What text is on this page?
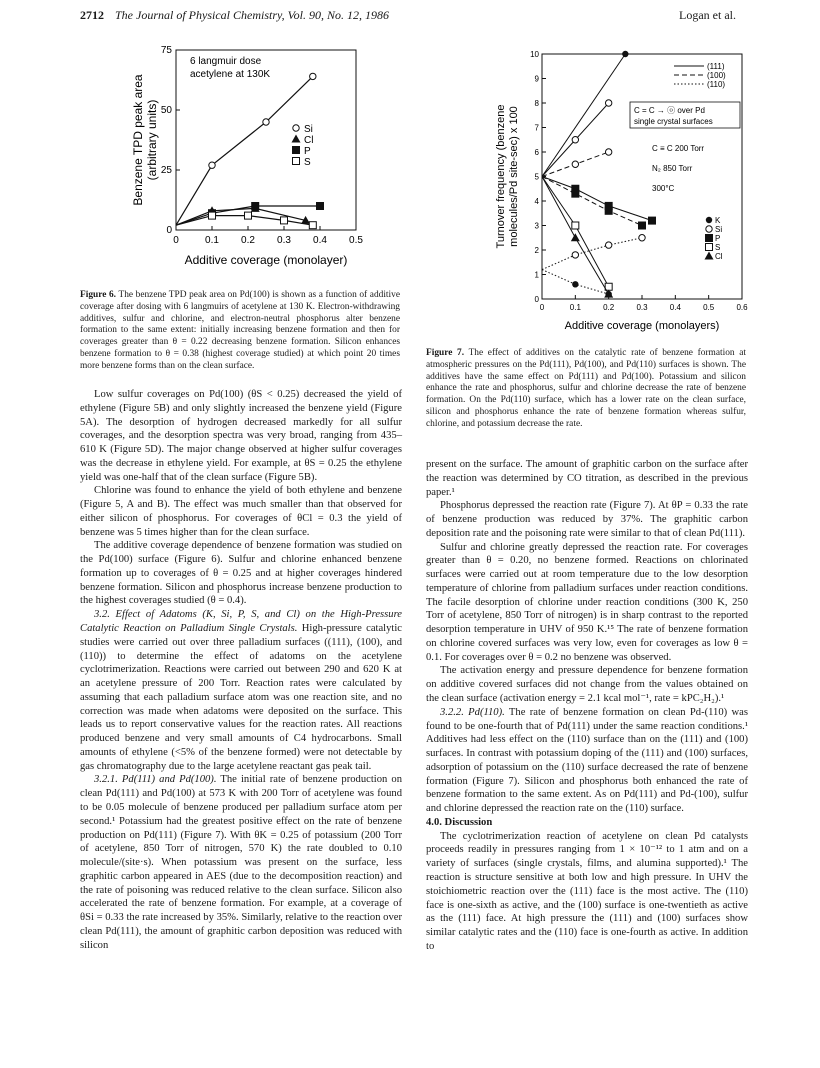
2712 The Journal of Physical Chemistry, Vol. 90, No. 12, 1986	Logan et al.
0	0.1 0.2 0.3 0.4 0.5
0
25
50
75
Benzene TPD peak area(arbitrary units)
Additive coverage (monolayer)
6 langmuir dose
acetylene at 130K
Si
Cl
P
S
0	0.1	0.2	0.3	0.4	0.5	0.6
0
1
2
3
4
5
6
7
8
9
10
Turnover frequency (benzenemolecules/Pd site-sec) x 100
Additive coverage (monolayers)
(111)
(100)
(110)
C = C → ⓞ over Pd
single crystal surfaces
C ≡ C 200 Torr
N₂ 850 Torr
300°C
K
Si
P
S
Cl
Figure 6. The benzene TPD peak area on Pd(100) is shown as a function of additive coverage after dosing with 6 langmuirs of acetylene at 130 K. Electron-withdrawing additives, sulfur and chlorine, and electron-neutral phosphorus alter benzene formation to the same extent: initially increasing benzene formation and then for coverages greater than θ = 0.22 decreasing benzene formation. Silicon enhances benzene formation to θ = 0.38 (highest coverage studied) at which point 20 times more benzene forms than on the clean surface.
Figure 7. The effect of additives on the catalytic rate of benzene formation at atmospheric pressures on the Pd(111), Pd(100), and Pd(110) surfaces is shown. The additives have the same effect on Pd(111) and Pd(100). Potassium and silicon enhance the rate and phosphorus, sulfur and chlorine decrease the rate of benzene formation. On the Pd(110) surface, which has a lower rate on the clean surface, silicon and phosphorus enhance the rate of benzene formation whereas sulfur, chlorine, and potassium decrease the rate.

Low sulfur coverages on Pd(100) (θS < 0.25) decreased the yield of ethylene (Figure 5B) and only slightly increased the benzene yield (Figure 5A). The desorption of hydrogen decreased markedly for all sulfur coverages, and the desorption spectra was very broad, ranging from 435–610 K (Figure 5D). The major change observed at higher sulfur coverages was the decrease in ethylene yield. For example, at θS = 0.25 the ethylene yield was one-half that of the clean surface (Figure 5B).

Chlorine was found to enhance the yield of both ethylene and benzene (Figure 5, A and B). The effect was much smaller than that observed for either silicon of phosphorus. For coverages of θCl = 0.3 the yield of benzene was 5 times higher than for the clean surface.

The additive coverage dependence of benzene formation was studied on the Pd(100) surface (Figure 6). Sulfur and chlorine enhanced benzene formation up to coverages of θ = 0.25 and at higher coverages hindered benzene formation. Silicon and phosphorus increase benzene production to the highest coverages studied (θ = 0.4).

3.2. Effect of Adatoms (K, Si, P, S, and Cl) on the High-Pressure Catalytic Reaction on Palladium Single Crystals. High-pressure catalytic studies were carried out over three palladium surfaces ((111), (100), and (110)) to determine the effect of adatoms on the acetylene cyclotrimerization. Reactions were carried out between 290 and 620 K at an acetylene pressure of 200 Torr. Reaction rates were calculated by assuming that each palladium surface atom was one reaction site, and no correction was made when adatoms were deposited on the surface. This leads us to report conservative values for the reaction rates. All reactions produced benzene and very small amounts of C4 hydrocarbons. Small amounts of ethylene (<5% of the benzene formed) were not detectable by gas chromatography due to the large acetylene reactant gas peak tail.

3.2.1. Pd(111) and Pd(100). The initial rate of benzene production on clean Pd(111) and Pd(100) at 573 K with 200 Torr of acetylene was found to be 0.05 molecule of benzene produced per palladium surface atom per second.¹ Potassium had the greatest positive effect on the rate of benzene production on Pd(111) (Figure 7). With θK = 0.25 of potassium (200 Torr of acetylene, 850 Torr of nitrogen, 570 K) the rate doubled to 0.10 molecule/(site·s). When potassium was present on the surface, less graphitic carbon appeared in AES (due to the decomposition reaction) and the rate of poisoning was reduced relative to the clean surface. Silicon also accelerated the rate of benzene formation. For example, at a coverage of θSi = 0.33 the rate increased by 35%. Similarly, relative to the reaction over clean Pd(111), the amount of graphitic carbon deposition was reduced with silicon

present on the surface. The amount of graphitic carbon on the surface after the reaction was determined by CO titration, as described in the previous paper.¹

Phosphorus depressed the reaction rate (Figure 7). At θP = 0.33 the rate of benzene production was reduced by 37%. The graphitic carbon deposition rate and the poisoning rate were similar to that of clean Pd(111).

Sulfur and chlorine greatly depressed the reaction rate. For coverages greater than θ = 0.20, no benzene formed. Reactions on chlorinated surfaces were carried out at room temperature due to the low desorption temperature of chlorine from palladium surfaces under reaction conditions. The facile desorption of chlorine under reaction conditions (300 K, 250 Torr of acetylene, 850 Torr of nitrogen) is in sharp contrast to the reported desorption temperature in UHV of 950 K.¹⁵ The rate of benzene formation on chlorine covered surfaces was very low, even for coverages as low θ = 0.1. For coverages over θ = 0.2 no benzene was observed.

The activation energy and pressure dependence for benzene formation on additive covered surfaces did not change from the values obtained on the clean surface (activation energy = 2.1 kcal mol⁻¹, rate = kPC₂H₂).¹

3.2.2. Pd(110). The rate of benzene formation on clean Pd-(110) was found to be one-fourth that of Pd(111) under the same reaction conditions.¹ Additives had less effect on the (110) surface than on the (111) and (100) surfaces. In contrast with potassium doping of the (111) and (100) surfaces, adsorption of potassium on the (110) surface decreased the rate of benzene formation (Figure 7). Silicon and phosphorus both enhanced the rate of benzene formation to the same extent. As on Pd(111) and Pd-(100), sulfur and chlorine depressed the reaction rate on the (110) surface.

4.0. Discussion

The cyclotrimerization reaction of acetylene on clean Pd catalysts proceeds readily in pressures ranging from 1 × 10⁻¹² to 1 atm and on a variety of surfaces (single crystals, films, and alumina supported).¹ The reaction is structure sensitive at both low and high pressure. In UHV the stoichiometric reaction over the (111) face is the most active. The (110) face is one-sixth as active, and the (100) surface is one-twentieth as active as the (111) face. At high pressure the (111) and (100) surfaces show similar catalytic rates and the (110) face is one-fourth as active. In addition to
